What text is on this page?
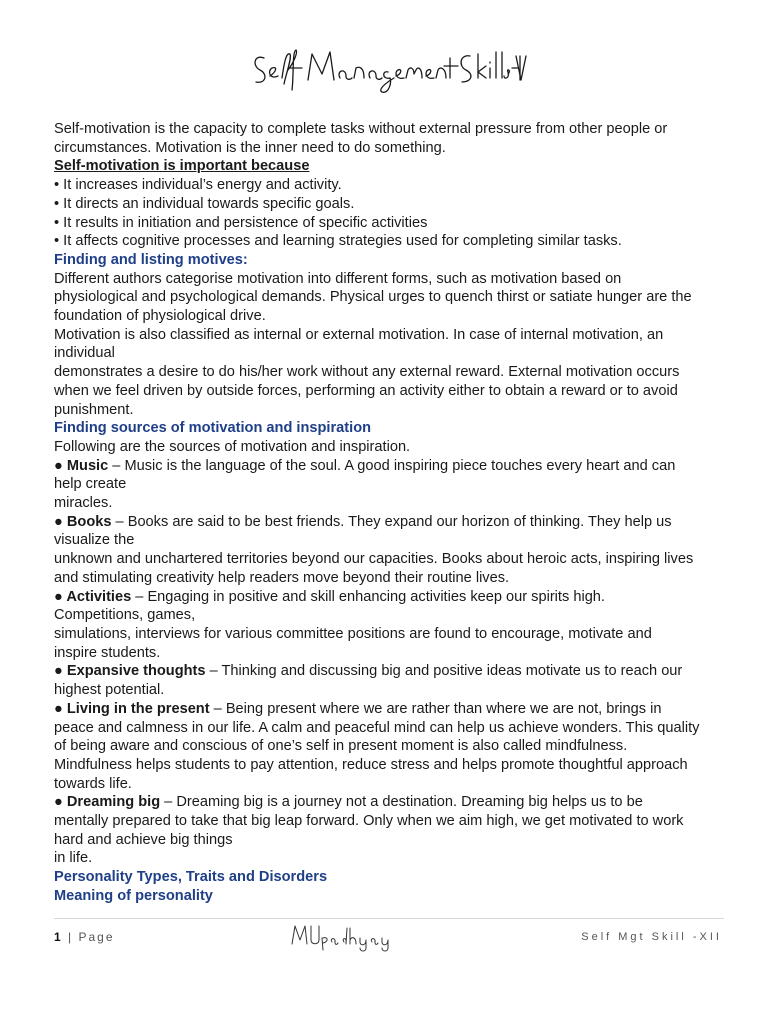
Self-motivation is the capacity to complete tasks without external pressure from other people or

circumstances. Motivation is the inner need to do something.

Self-motivation is important because

• It increases individual’s energy and activity.

• It directs an individual towards specific goals.

• It results in initiation and persistence of specific activities

• It affects cognitive processes and learning strategies used for completing similar tasks.

Finding and listing motives:

Different authors categorise motivation into different forms, such as motivation based on

physiological and psychological demands. Physical urges to quench thirst or satiate hunger are the

foundation of physiological drive.

Motivation is also classified as internal or external motivation. In case of internal motivation, an

individual

demonstrates a desire to do his/her work without any external reward. External motivation occurs

when we feel driven by outside forces, performing an activity either to obtain a reward or to avoid

punishment.

Finding sources of motivation and inspiration

Following are the sources of motivation and inspiration.

● Music – Music is the language of the soul. A good inspiring piece touches every heart and can

help create

miracles.

● Books – Books are said to be best friends. They expand our horizon of thinking. They help us

visualize the

unknown and unchartered territories beyond our capacities. Books about heroic acts, inspiring lives

and stimulating creativity help readers move beyond their routine lives.

● Activities – Engaging in positive and skill enhancing activities keep our spirits high.

Competitions, games,

simulations, interviews for various committee positions are found to encourage, motivate and

inspire students.

● Expansive thoughts – Thinking and discussing big and positive ideas motivate us to reach our

highest potential.

● Living in the present – Being present where we are rather than where we are not, brings in

peace and calmness in our life. A calm and peaceful mind can help us achieve wonders. This quality

of being aware and conscious of one’s self in present moment is also called mindfulness.

Mindfulness helps students to pay attention, reduce stress and helps promote thoughtful approach

towards life.

● Dreaming big – Dreaming big is a journey not a destination. Dreaming big helps us to be

mentally prepared to take that big leap forward. Only when we aim high, we get motivated to work

hard and achieve big things

in life.

Personality Types, Traits and Disorders

Meaning of personality

1 | Page	Self Mgt Skill -XII
